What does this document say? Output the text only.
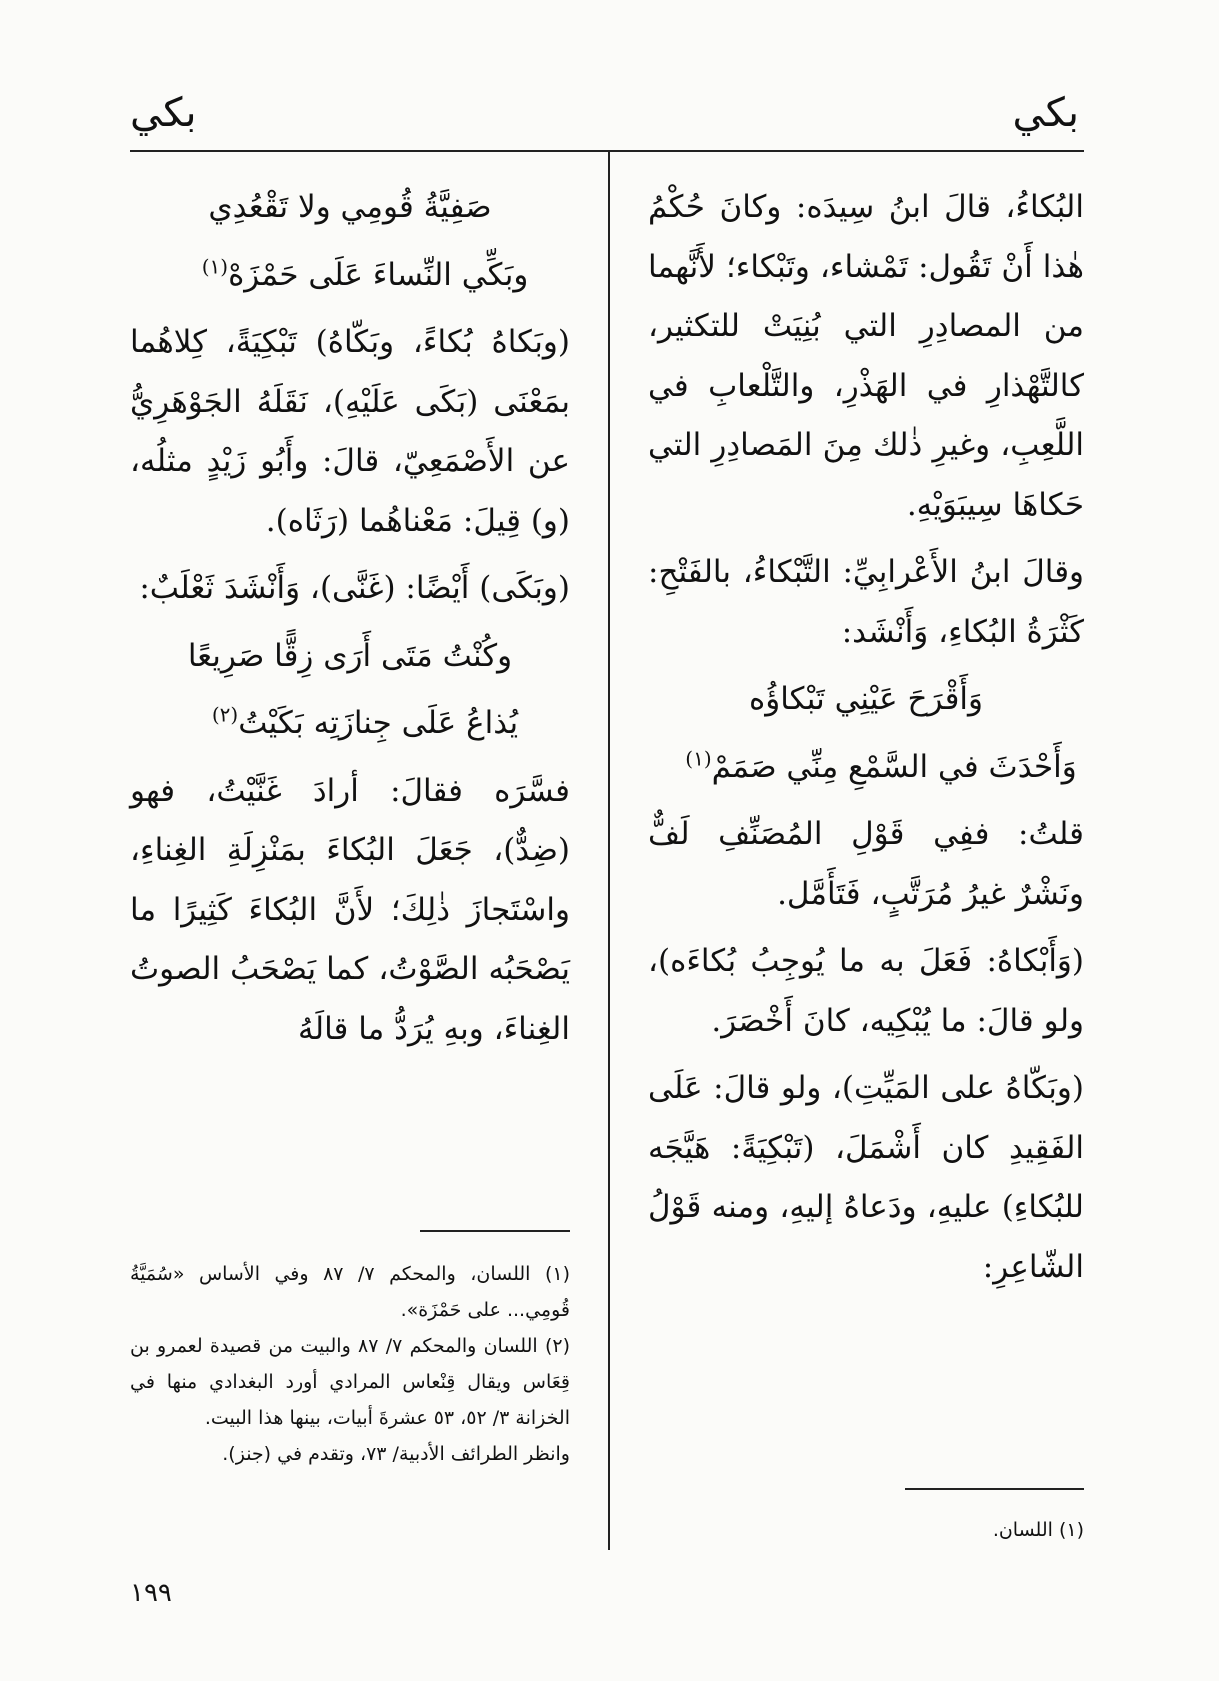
بكي
بكي

البُكاءُ، قالَ ابنُ سِيدَه: وكانَ حُكْمُ هٰذا أَنْ تَقُول: تَمْشاء، وتَبْكاء؛ لأَنَّهما من المصادِرِ التي بُنِيَتْ للتكثير، كالتَّهْذارِ في الهَذْرِ، والتَّلْعابِ في اللَّعِبِ، وغيرِ ذٰلك مِنَ المَصادِرِ التي حَكاهَا سِيبَوَيْهِ.

وقالَ ابنُ الأَعْرابِيِّ: التَّبْكاءُ، بالفَتْحِ: كَثْرَةُ البُكاءِ، وَأَنْشَد:

وَأَقْرَحَ عَيْنِي تَبْكاؤُه

وَأَحْدَثَ في السَّمْعِ مِنِّي صَمَمْ$^{(١)}$

قلتُ: ففِي قَوْلِ المُصَنِّفِ لَفٌّ ونَشْرٌ غيرُ مُرَتَّبٍ، فَتَأَمَّل.

(وَأَبْكاهُ: فَعَلَ به ما يُوجِبُ بُكاءَه)، ولو قالَ: ما يُبْكِيه، كانَ أَخْصَرَ.

(وبَكّاهُ على المَيِّتِ)، ولو قالَ: عَلَى الفَقِيدِ كان أَشْمَلَ، (تَبْكِيَةً: هَيَّجَه للبُكاءِ) عليهِ، ودَعاهُ إليهِ، ومنه قَوْلُ الشّاعِرِ:

صَفِيَّةُ قُومِي ولا تَقْعُدِي

وبَكِّي النِّساءَ عَلَى حَمْزَهْ$^{(١)}$

(وبَكاهُ بُكاءً، وبَكّاهُ) تَبْكِيَةً، كِلاهُما بمَعْنَى (بَكَى عَلَيْهِ)، نَقَلَهُ الجَوْهَرِيُّ عن الأَصْمَعِيّ، قالَ: وأَبُو زَيْدٍ مثلُه، (و) قِيلَ: مَعْناهُما (رَثَاه).

(وبَكَى) أَيْضًا: (غَنَّى)، وَأَنْشَدَ ثَعْلَبٌ:

وكُنْتُ مَتَى أَرَى زِقًّا صَرِيعًا

يُذاعُ عَلَى جِنازَتِه بَكَيْتُ$^{(٢)}$

فسَّرَه فقالَ: أرادَ غَنَّيْتُ، فهو (ضِدٌّ)، جَعَلَ البُكاءَ بمَنْزِلَةِ الغِناءِ، واسْتَجازَ ذٰلِكَ؛ لأَنَّ البُكاءَ كَثِيرًا ما يَصْحَبُه الصَّوْتُ، كما يَصْحَبُ الصوتُ الغِناءَ، وبهِ يُرَدُّ ما قالَهُ

(١) اللسان.

(١) اللسان، والمحكم ٧/ ٨٧ وفي الأساس «سُمَيَّةُ قُومِي... على حَمْزَة».

(٢) اللسان والمحكم ٧/ ٨٧ والبيت من قصيدة لعمرو بن قِعَاس ويقال قِنْعاس المرادي أورد البغدادي منها في الخزانة ٣/ ٥٢، ٥٣ عشرةَ أبيات، بينها هذا البيت.

وانظر الطرائف الأدبية/ ٧٣، وتقدم في (جنز).

١٩٩
